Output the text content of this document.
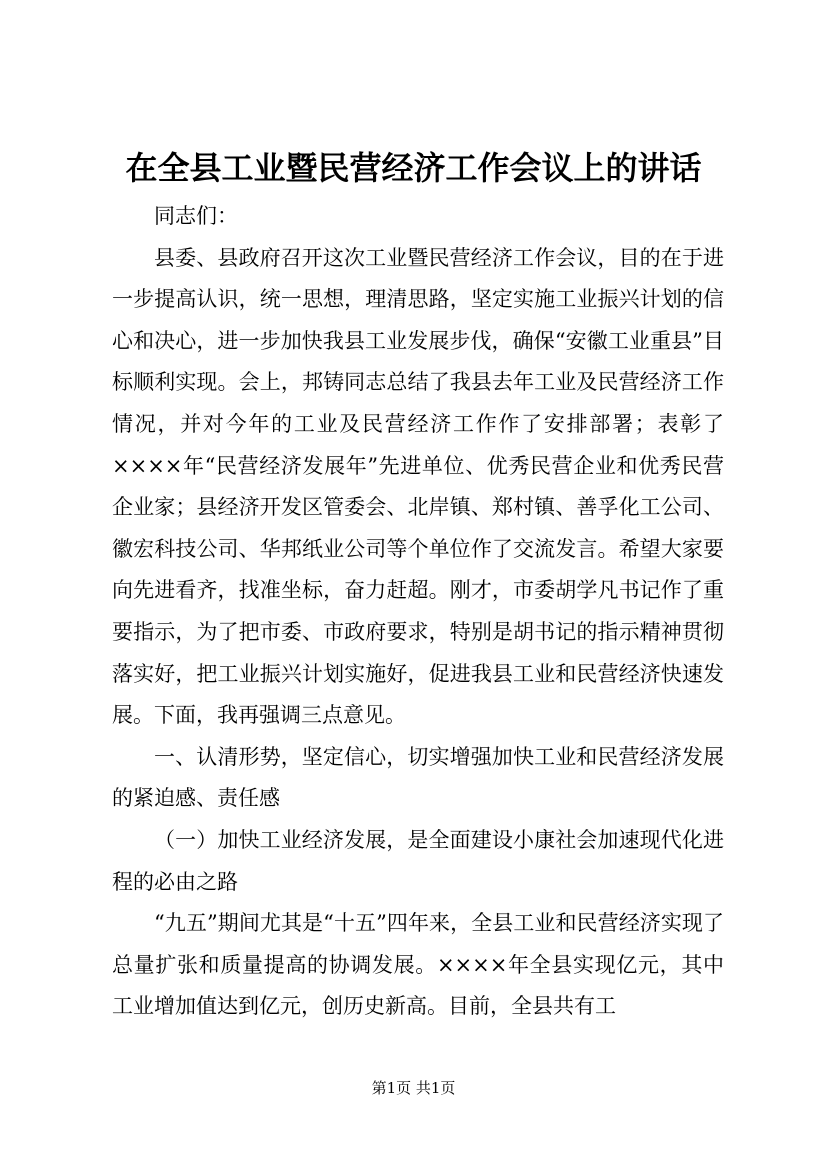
在全县工业暨民营经济工作会议上的讲话

同志们：

县委、县政府召开这次工业暨民营经济工作会议，目的在于进一步提高认识，统一思想，理清思路，坚定实施工业振兴计划的信心和决心，进一步加快我县工业发展步伐，确保“安徽工业重县”目标顺利实现。会上，邦铸同志总结了我县去年工业及民营经济工作情况，并对今年的工业及民营经济工作作了安排部署；表彰了××××年“民营经济发展年”先进单位、优秀民营企业和优秀民营企业家；县经济开发区管委会、北岸镇、郑村镇、善孚化工公司、徽宏科技公司、华邦纸业公司等个单位作了交流发言。希望大家要向先进看齐，找准坐标，奋力赶超。刚才，市委胡学凡书记作了重要指示，为了把市委、市政府要求，特别是胡书记的指示精神贯彻落实好，把工业振兴计划实施好，促进我县工业和民营经济快速发展。下面，我再强调三点意见。

一、认清形势，坚定信心，切实增强加快工业和民营经济发展的紧迫感、责任感

（一）加快工业经济发展，是全面建设小康社会加速现代化进程的必由之路

“九五”期间尤其是“十五”四年来，全县工业和民营经济实现了总量扩张和质量提高的协调发展。××××年全县实现亿元，其中工业增加值达到亿元，创历史新高。目前，全县共有工

第1页 共1页
